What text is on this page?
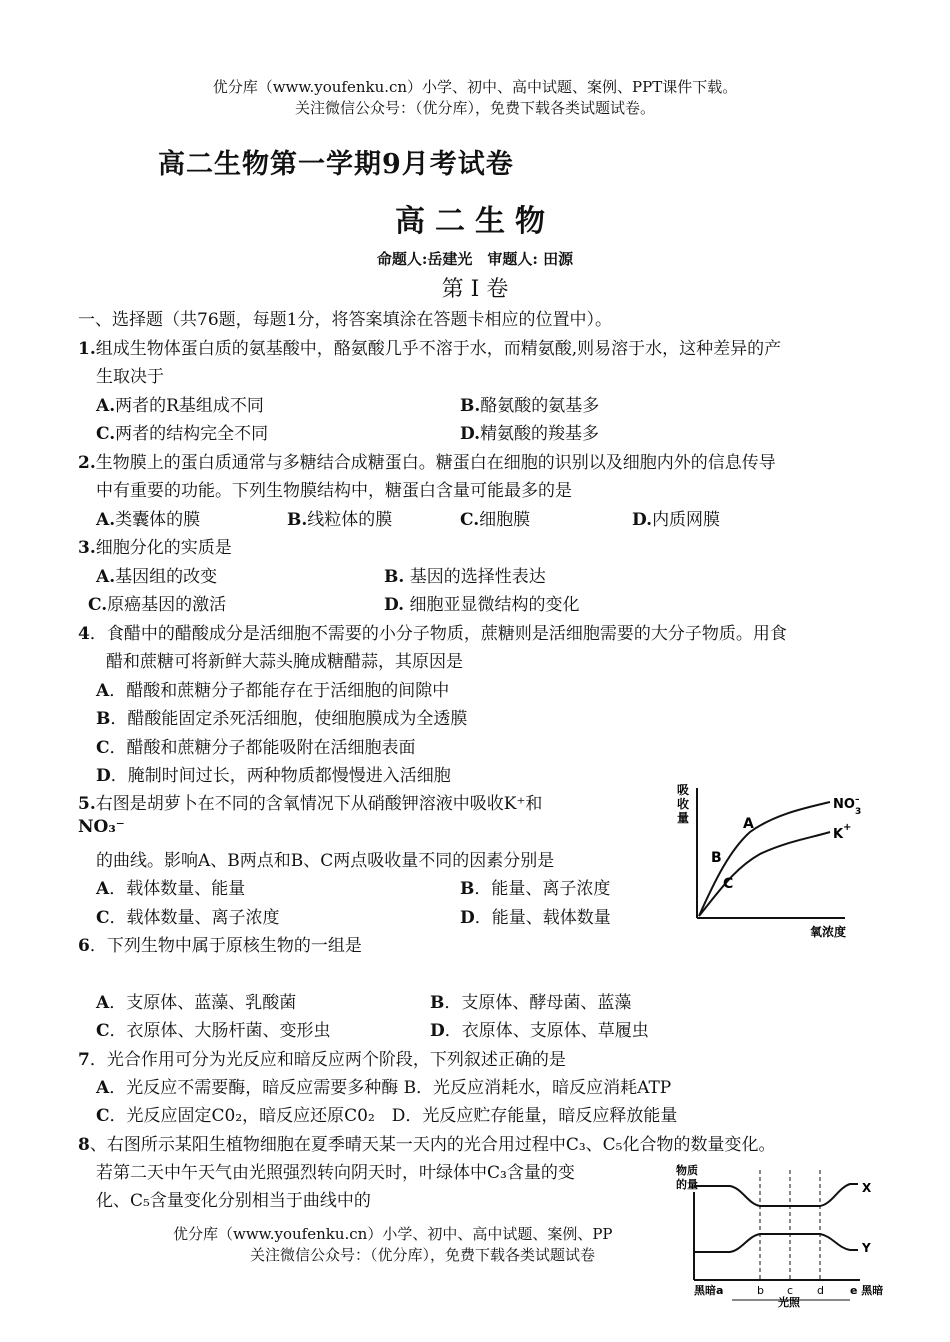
优分库（www.youfenku.cn）小学、初中、高中试题、案例、PPT课件下载。
关注微信公众号：（优分库），免费下载各类试题试卷。
高二生物第一学期9月考试卷
高二生物
命题人:岳建光　审题人: 田源
第 I 卷
一、选择题（共76题，每题1分，将答案填涂在答题卡相应的位置中）。
1.组成生物体蛋白质的氨基酸中，酪氨酸几乎不溶于水，而精氨酸,则易溶于水，这种差异的产
生取决于
A.两者的R基组成不同	B.酪氨酸的氨基多
C.两者的结构完全不同	D.精氨酸的羧基多
2.生物膜上的蛋白质通常与多糖结合成糖蛋白。糖蛋白在细胞的识别以及细胞内外的信息传导
中有重要的功能。下列生物膜结构中，糖蛋白含量可能最多的是
A.类囊体的膜	B.线粒体的膜	C.细胞膜	D.内质网膜
3.细胞分化的实质是
A.基因组的改变	B. 基因的选择性表达
C.原癌基因的激活	D. 细胞亚显微结构的变化
4．食醋中的醋酸成分是活细胞不需要的小分子物质，蔗糖则是活细胞需要的大分子物质。用食
醋和蔗糖可将新鲜大蒜头腌成糖醋蒜，其原因是
A．醋酸和蔗糖分子都能存在于活细胞的间隙中
B．醋酸能固定杀死活细胞，使细胞膜成为全透膜
C．醋酸和蔗糖分子都能吸附在活细胞表面
D．腌制时间过长，两种物质都慢慢进入活细胞
5.右图是胡萝卜在不同的含氧情况下从硝酸钾溶液中吸收K⁺和
NO₃⁻
的曲线。影响A、B两点和B、C两点吸收量不同的因素分别是
A．载体数量、能量	B．能量、离子浓度
C．载体数量、离子浓度	D．能量、载体数量
吸
收
量
NO 3
–
K +
A
B
C
氧浓度
6．下列生物中属于原核生物的一组是
A．支原体、蓝藻、乳酸菌	B．支原体、酵母菌、蓝藻
C．衣原体、大肠杆菌、变形虫	D．衣原体、支原体、草履虫
7．光合作用可分为光反应和暗反应两个阶段，下列叙述正确的是
A．光反应不需要酶，暗反应需要多种酶 B．光反应消耗水，暗反应消耗ATP
C．光反应固定C0₂，暗反应还原C0₂　D．光反应贮存能量，暗反应释放能量
8、右图所示某阳生植物细胞在夏季晴天某一天内的光合用过程中C₃、C₅化合物的数量变化。
若第二天中午天气由光照强烈转向阴天时，叶绿体中C₃含量的变
化、C₅含量变化分别相当于曲线中的
物质
的量	X
Y
黑暗a	b c d e 黑暗
光照
优分库（www.youfenku.cn）小学、初中、高中试题、案例、PP
关注微信公众号：（优分库），免费下载各类试题试卷
